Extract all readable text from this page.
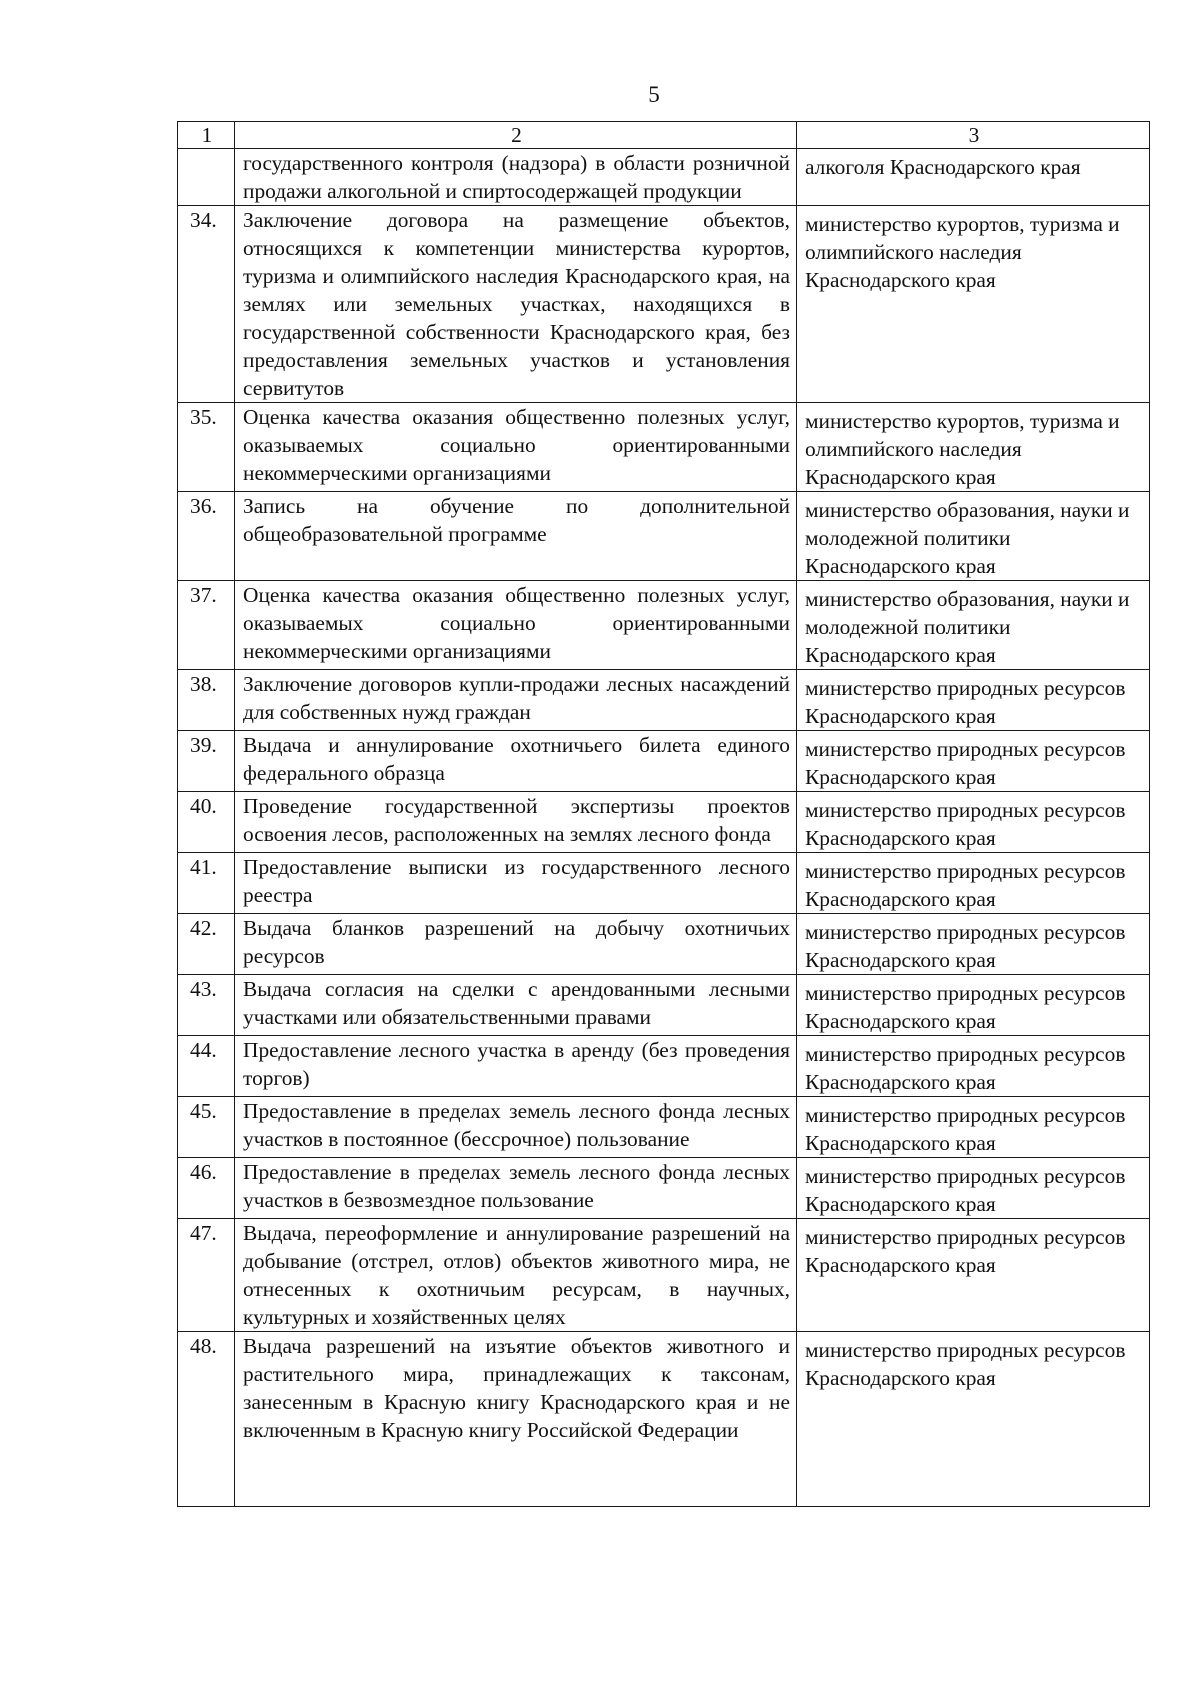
5
1	2	3
	государственного контроля (надзора) в области розничной продажи алкогольной и спиртосодержащей продукции	алкоголя Краснодарского края
34.	Заключение договора на размещение объектов, относящихся к компетенции министерства курортов, туризма и олимпийского наследия Краснодарского края, на землях или земельных участках, находящихся в государственной собственности Краснодарского края, без предоставления земельных участков и установления сервитутов	министерство курортов, туризма и олимпийского наследия Краснодарского края
35.	Оценка качества оказания общественно полезных услуг, оказываемых социально ориентированными некоммерческими организациями	министерство курортов, туризма и олимпийского наследия Краснодарского края
36.	Запись на обучение по дополнительной общеобразовательной программе	министерство образования, науки и молодежной политики Краснодарского края
37.	Оценка качества оказания общественно полезных услуг, оказываемых социально ориентированными некоммерческими организациями	министерство образования, науки и молодежной политики Краснодарского края
38.	Заключение договоров купли-продажи лесных насаждений для собственных нужд граждан	министерство природных ресурсов Краснодарского края
39.	Выдача и аннулирование охотничьего билета единого федерального образца	министерство природных ресурсов Краснодарского края
40.	Проведение государственной экспертизы проектов освоения лесов, расположенных на землях лесного фонда	министерство природных ресурсов Краснодарского края
41.	Предоставление выписки из государственного лесного реестра	министерство природных ресурсов Краснодарского края
42.	Выдача бланков разрешений на добычу охотничьих ресурсов	министерство природных ресурсов Краснодарского края
43.	Выдача согласия на сделки с арендованными лесными участками или обязательственными правами	министерство природных ресурсов Краснодарского края
44.	Предоставление лесного участка в аренду (без проведения торгов)	министерство природных ресурсов Краснодарского края
45.	Предоставление в пределах земель лесного фонда лесных участков в постоянное (бессрочное) пользование	министерство природных ресурсов Краснодарского края
46.	Предоставление в пределах земель лесного фонда лесных участков в безвозмездное пользование	министерство природных ресурсов Краснодарского края
47.	Выдача, переоформление и аннулирование разрешений на добывание (отстрел, отлов) объектов животного мира, не отнесенных к охотничьим ресурсам, в научных, культурных и хозяйственных целях	министерство природных ресурсов Краснодарского края
48.	Выдача разрешений на изъятие объектов животного и растительного мира, принадлежащих к таксонам, занесенным в Красную книгу Краснодарского края и не включенным в Красную книгу Российской Федерации	министерство природных ресурсов Краснодарского края
